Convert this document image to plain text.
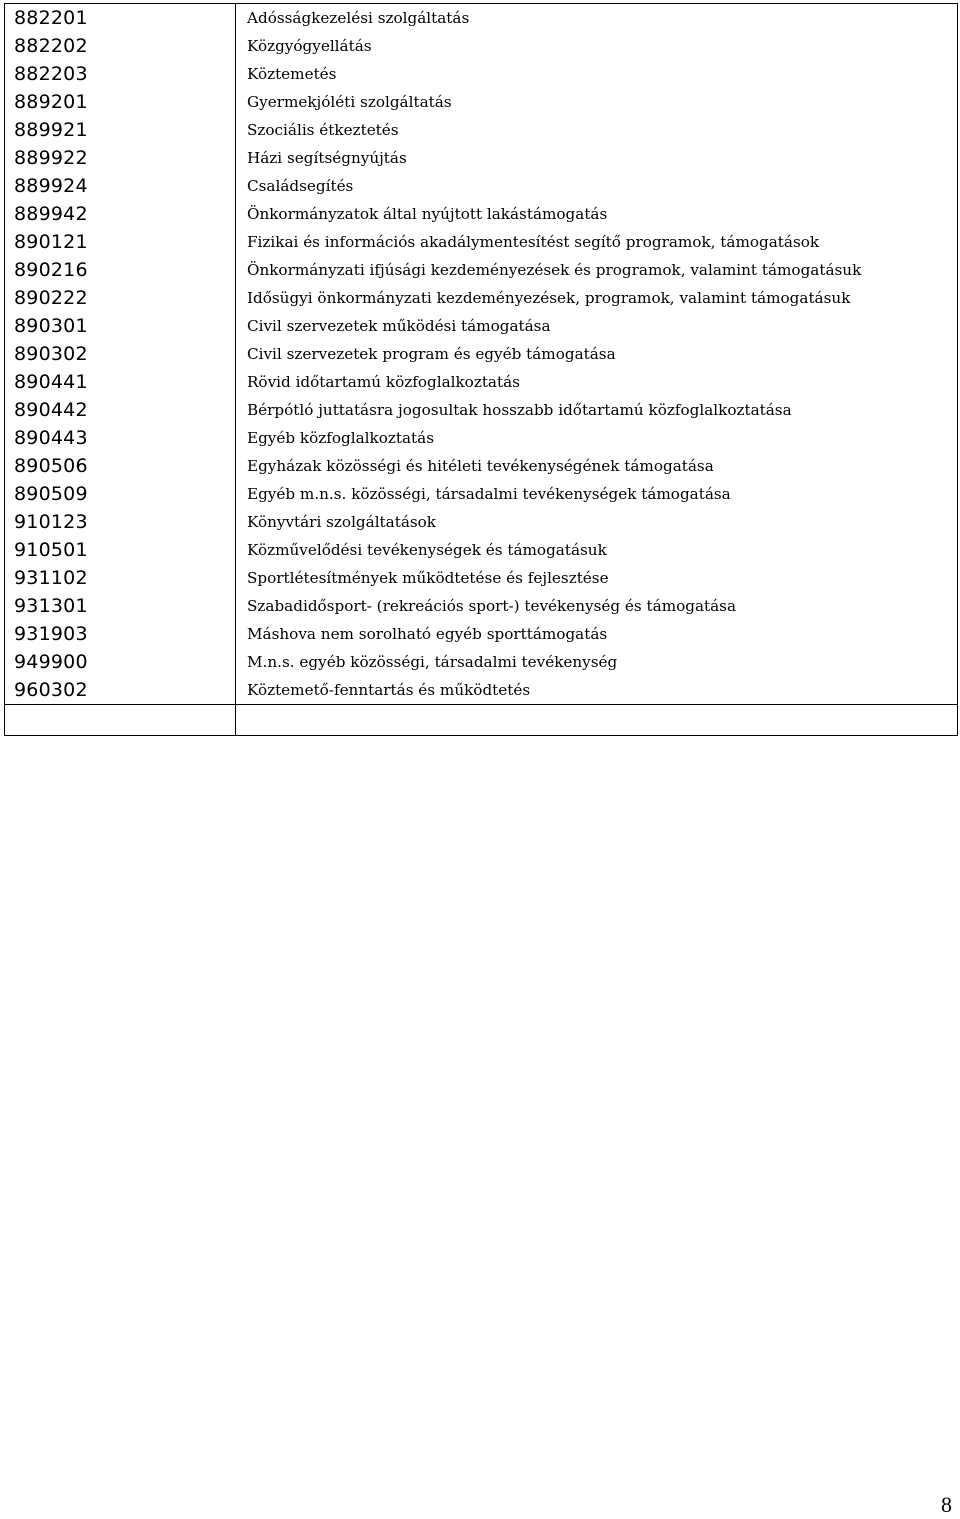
882201	Adósságkezelési szolgáltatás
882202	Közgyógyellátás
882203	Köztemetés
889201	Gyermekjóléti szolgáltatás
889921	Szociális étkeztetés
889922	Házi segítségnyújtás
889924	Családsegítés
889942	Önkormányzatok által nyújtott lakástámogatás
890121	Fizikai és információs akadálymentesítést segítő programok, támogatások
890216	Önkormányzati ifjúsági kezdeményezések és programok, valamint támogatásuk
890222	Idősügyi önkormányzati kezdeményezések, programok, valamint támogatásuk
890301	Civil szervezetek működési támogatása
890302	Civil szervezetek program és egyéb támogatása
890441	Rövid időtartamú közfoglalkoztatás
890442	Bérpótló juttatásra jogosultak hosszabb időtartamú közfoglalkoztatása
890443	Egyéb közfoglalkoztatás
890506	Egyházak közösségi és hitéleti tevékenységének támogatása
890509	Egyéb m.n.s. közösségi, társadalmi tevékenységek támogatása
910123	Könyvtári szolgáltatások
910501	Közművelődési tevékenységek és támogatásuk
931102	Sportlétesítmények működtetése és fejlesztése
931301	Szabadidősport- (rekreációs sport-) tevékenység és támogatása
931903	Máshova nem sorolható egyéb sporttámogatás
949900	M.n.s. egyéb közösségi, társadalmi tevékenység
960302	Köztemető-fenntartás és működtetés

8
